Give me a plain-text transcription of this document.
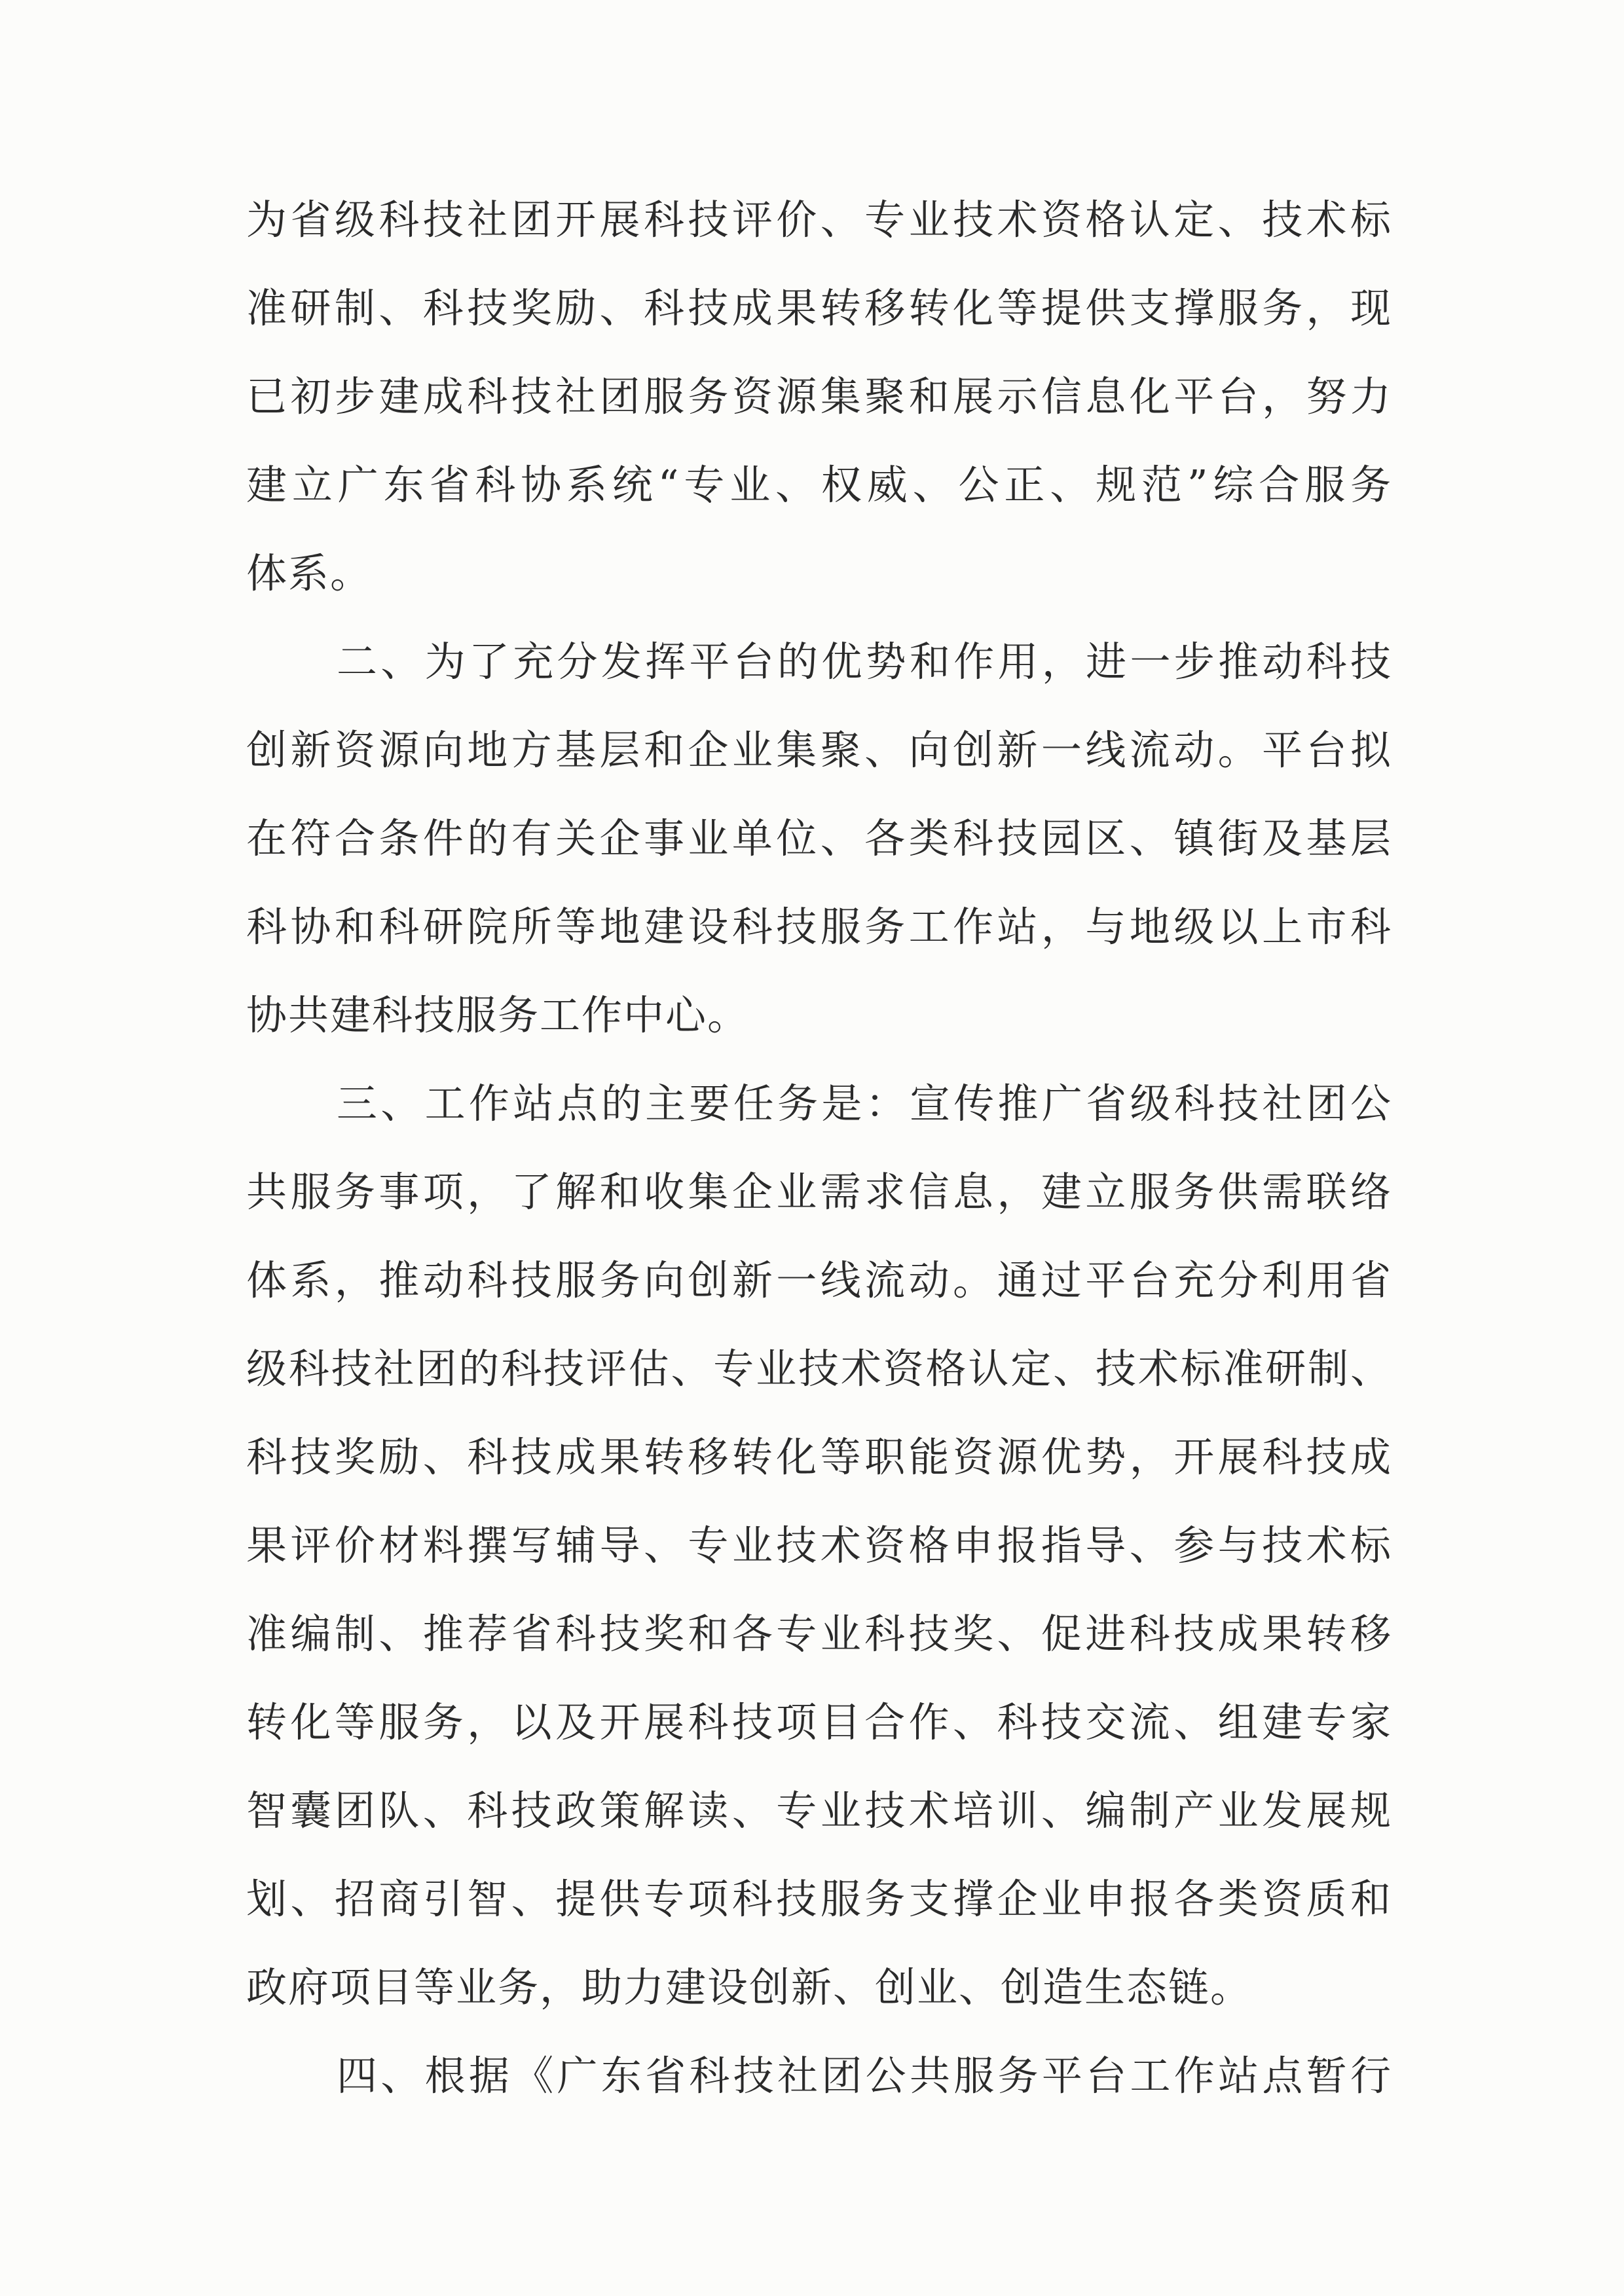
为省级科技社团开展科技评价、专业技术资格认定、技术标
准研制、科技奖励、科技成果转移转化等提供支撑服务，现
已初步建成科技社团服务资源集聚和展示信息化平台，努力
建立广东省科协系统“专业、权威、公正、规范”综合服务
体系。
二、为了充分发挥平台的优势和作用，进一步推动科技
创新资源向地方基层和企业集聚、向创新一线流动。平台拟
在符合条件的有关企事业单位、各类科技园区、镇街及基层
科协和科研院所等地建设科技服务工作站，与地级以上市科
协共建科技服务工作中心。
三、工作站点的主要任务是：宣传推广省级科技社团公
共服务事项，了解和收集企业需求信息，建立服务供需联络
体系，推动科技服务向创新一线流动。通过平台充分利用省
级科技社团的科技评估、专业技术资格认定、技术标准研制、
科技奖励、科技成果转移转化等职能资源优势，开展科技成
果评价材料撰写辅导、专业技术资格申报指导、参与技术标
准编制、推荐省科技奖和各专业科技奖、促进科技成果转移
转化等服务，以及开展科技项目合作、科技交流、组建专家
智囊团队、科技政策解读、专业技术培训、编制产业发展规
划、招商引智、提供专项科技服务支撑企业申报各类资质和
政府项目等业务，助力建设创新、创业、创造生态链。
四、根据《广东省科技社团公共服务平台工作站点暂行
